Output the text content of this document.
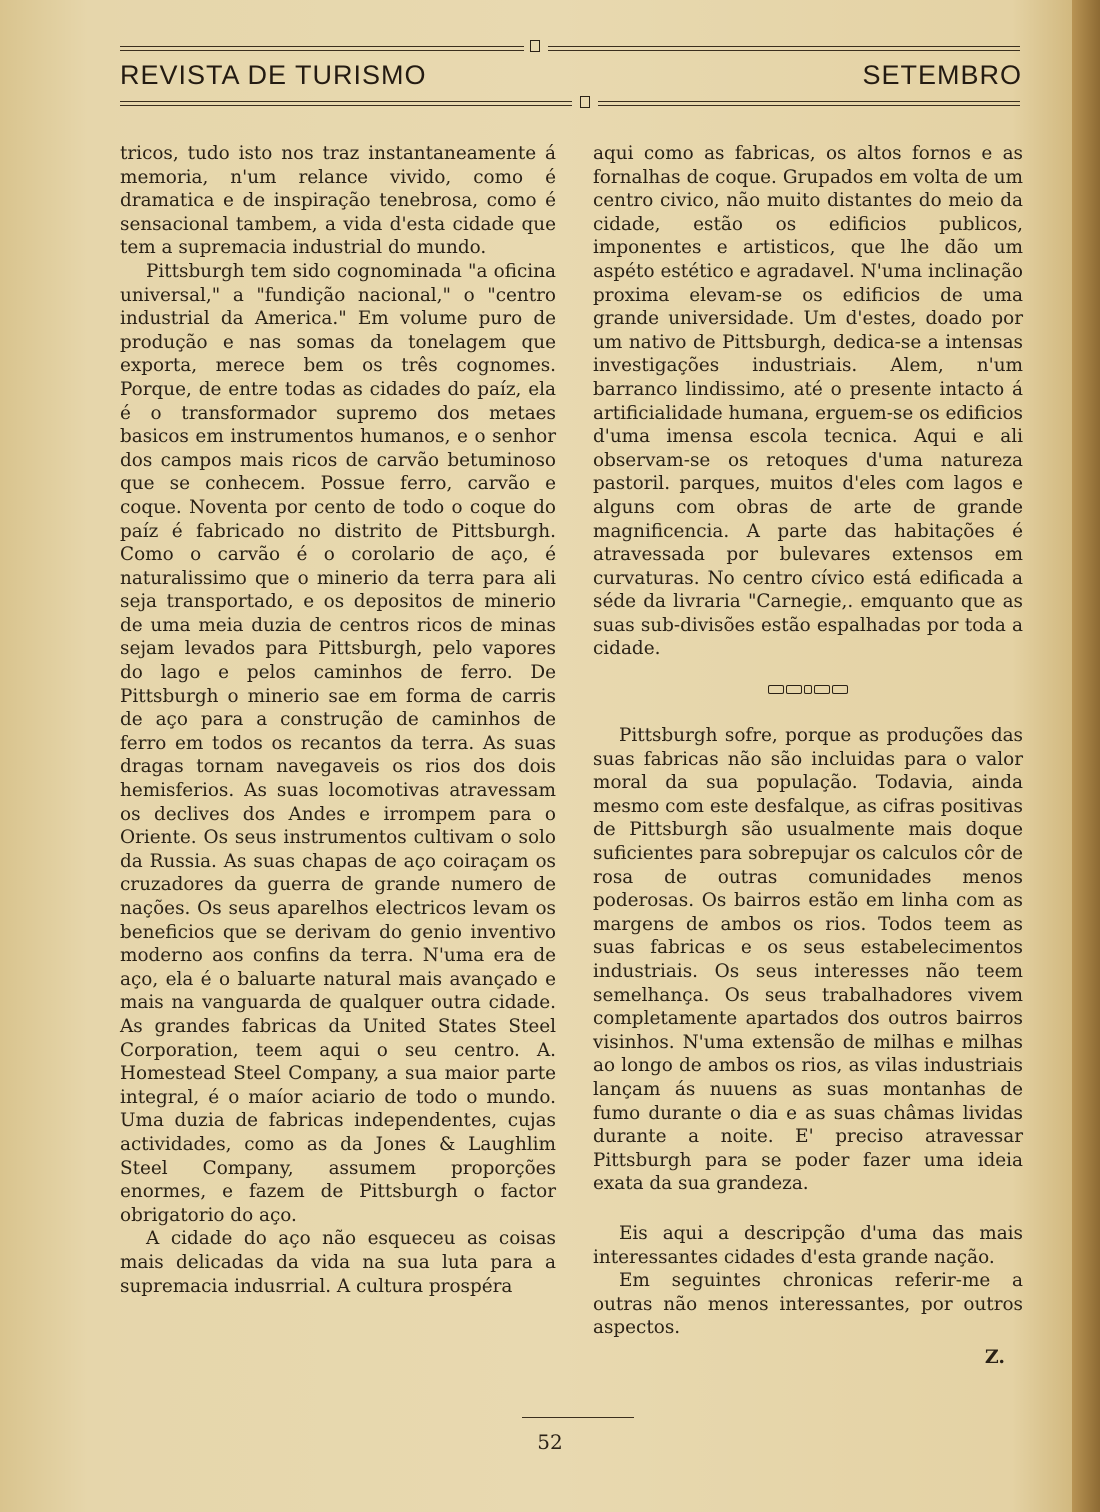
REVISTA DE TURISMO	SETEMBRO

tricos, tudo isto nos traz instantaneamente á memoria, n'um relance vivido, como é dramatica e de inspiração tenebrosa, como é sensacional tambem, a vida d'esta cidade que tem a supremacia industrial do mundo.

Pittsburgh tem sido cognominada "a oficina universal," a "fundição nacional," o "centro industrial da America." Em volume puro de produção e nas somas da tonelagem que exporta, merece bem os três cognomes. Porque, de entre todas as cidades do paíz, ela é o transformador supremo dos metaes basicos em instrumentos humanos, e o senhor dos campos mais ricos de carvão betuminoso que se conhecem. Possue ferro, carvão e coque. Noventa por cento de todo o coque do paíz é fabricado no distrito de Pittsburgh. Como o carvão é o corolario de aço, é naturalissimo que o minerio da terra para ali seja transportado, e os depositos de minerio de uma meia duzia de centros ricos de minas sejam levados para Pittsburgh, pelo vapores do lago e pelos caminhos de ferro. De Pittsburgh o minerio sae em forma de carris de aço para a construção de caminhos de ferro em todos os recantos da terra. As suas dragas tornam navegaveis os rios dos dois hemisferios. As suas locomotivas atravessam os declives dos Andes e irrompem para o Oriente. Os seus instrumentos cultivam o solo da Russia. As suas chapas de aço coiraçam os cruzadores da guerra de grande numero de nações. Os seus aparelhos electricos levam os beneficios que se derivam do genio inventivo moderno aos confins da terra. N'uma era de aço, ela é o baluarte natural mais avançado e mais na vanguarda de qualquer outra cidade. As grandes fabricas da United States Steel Corporation, teem aqui o seu centro. A. Homestead Steel Company, a sua maior parte integral, é o maíor aciario de todo o mundo. Uma duzia de fabricas independentes, cujas actividades, como as da Jones & Laughlim Steel Company, assumem proporções enormes, e fazem de Pittsburgh o factor obrigatorio do aço.

A cidade do aço não esqueceu as coisas mais delicadas da vida na sua luta para a supremacia indusrrial. A cultura prospéra

aqui como as fabricas, os altos fornos e as fornalhas de coque. Grupados em volta de um centro civico, não muito distantes do meio da cidade, estão os edificios publicos, imponentes e artisticos, que lhe dão um aspéto estético e agradavel. N'uma inclinação proxima elevam-se os edificios de uma grande universidade. Um d'estes, doado por um nativo de Pittsburgh, dedica-se a intensas investigações industriais. Alem, n'um barranco lindissimo, até o presente intacto á artificialidade humana, erguem-se os edificios d'uma imensa escola tecnica. Aqui e ali observam-se os retoques d'uma natureza pastoril. parques, muitos d'eles com lagos e alguns com obras de arte de grande magnificencia. A parte das habitações é atravessada por bulevares extensos em curvaturas. No centro cívico está edificada a séde da livraria "Carnegie,. emquanto que as suas sub-divisões estão espalhadas por toda a cidade.

Pittsburgh sofre, porque as produções das suas fabricas não são incluidas para o valor moral da sua população. Todavia, ainda mesmo com este desfalque, as cifras positivas de Pittsburgh são usualmente mais doque suficientes para sobrepujar os calculos côr de rosa de outras comunidades menos poderosas. Os bairros estão em linha com as margens de ambos os rios. Todos teem as suas fabricas e os seus estabelecimentos industriais. Os seus interesses não teem semelhança. Os seus trabalhadores vivem completamente apartados dos outros bairros visinhos. N'uma extensão de milhas e milhas ao longo de ambos os rios, as vilas industriais lançam ás nuuens as suas montanhas de fumo durante o dia e as suas châmas lividas durante a noite. E' preciso atravessar Pittsburgh para se poder fazer uma ideia exata da sua grandeza.

Eis aqui a descripção d'uma das mais interessantes cidades d'esta grande nação.

Em seguintes chronicas referir-me a outras não menos interessantes, por outros aspectos.

Z.
52
